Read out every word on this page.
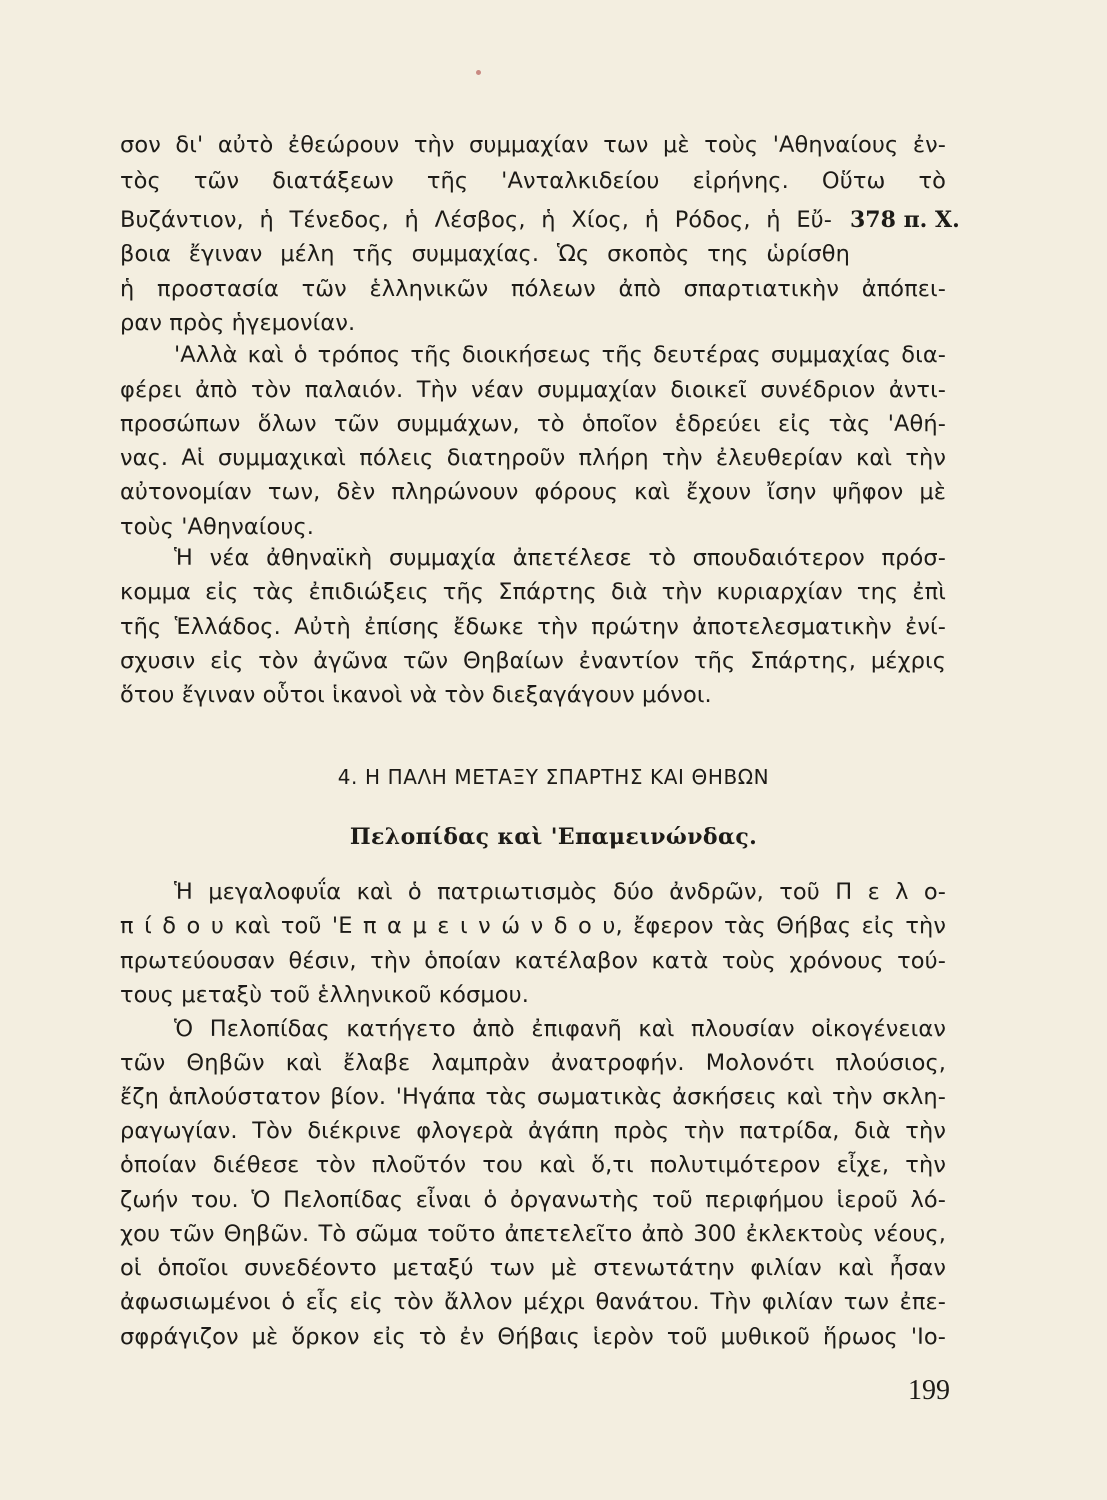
σον δι' αὐτὸ ἐθεώρουν τὴν συμμαχίαν των μὲ τοὺς 'Αθηναίους ἐν-
τὸς τῶν διατάξεων τῆς 'Ανταλκιδείου εἰρήνης. Οὕτω τὸ
Βυζάντιον, ἡ Τένεδος, ἡ Λέσβος, ἡ Χίος, ἡ Ρόδος, ἡ Εὔ- 378 π. Χ.
βοια ἔγιναν μέλη τῆς συμμαχίας. Ὡς σκοπὸς της ὡρίσθη
ἡ προστασία τῶν ἑλληνικῶν πόλεων ἀπὸ σπαρτιατικὴν ἀπόπει-
ραν πρὸς ἡγεμονίαν.
'Αλλὰ καὶ ὁ τρόπος τῆς διοικήσεως τῆς δευτέρας συμμαχίας δια-
φέρει ἀπὸ τὸν παλαιόν. Τὴν νέαν συμμαχίαν διοικεῖ συνέδριον ἀντι-
προσώπων ὅλων τῶν συμμάχων, τὸ ὁποῖον ἑδρεύει εἰς τὰς 'Αθή-
νας. Αἱ συμμαχικαὶ πόλεις διατηροῦν πλήρη τὴν ἐλευθερίαν καὶ τὴν
αὐτονομίαν των, δὲν πληρώνουν φόρους καὶ ἔχουν ἴσην ψῆφον μὲ
τοὺς 'Αθηναίους.
Ἡ νέα ἀθηναϊκὴ συμμαχία ἀπετέλεσε τὸ σπουδαιότερον πρόσ-
κομμα εἰς τὰς ἐπιδιώξεις τῆς Σπάρτης διὰ τὴν κυριαρχίαν της ἐπὶ
τῆς Ἑλλάδος. Αὐτὴ ἐπίσης ἔδωκε τὴν πρώτην ἀποτελεσματικὴν ἐνί-
σχυσιν εἰς τὸν ἀγῶνα τῶν Θηβαίων ἐναντίον τῆς Σπάρτης, μέχρις
ὅτου ἔγιναν οὗτοι ἱκανοὶ νὰ τὸν διεξαγάγουν μόνοι.
4. Η ΠΑΛΗ ΜΕΤΑΞΥ ΣΠΑΡΤΗΣ ΚΑΙ ΘΗΒΩΝ
Πελοπίδας καὶ 'Επαμεινώνδας.
Ἡ μεγαλοφυΐα καὶ ὁ πατριωτισμὸς δύο ἀνδρῶν, τοῦ Π ε λ ο-
π ί δ ο υ καὶ τοῦ 'Ε π α μ ε ι ν ώ ν δ ο υ, ἔφερον τὰς Θήβας εἰς τὴν
πρωτεύουσαν θέσιν, τὴν ὁποίαν κατέλαβον κατὰ τοὺς χρόνους τού-
τους μεταξὺ τοῦ ἑλληνικοῦ κόσμου.
Ὁ Πελοπίδας κατήγετο ἀπὸ ἐπιφανῆ καὶ πλουσίαν οἰκογένειαν
τῶν Θηβῶν καὶ ἔλαβε λαμπρὰν ἀνατροφήν. Μολονότι πλούσιος,
ἔζη ἁπλούστατον βίον. 'Ηγάπα τὰς σωματικὰς ἀσκήσεις καὶ τὴν σκλη-
ραγωγίαν. Τὸν διέκρινε φλογερὰ ἀγάπη πρὸς τὴν πατρίδα, διὰ τὴν
ὁποίαν διέθεσε τὸν πλοῦτόν του καὶ ὅ,τι πολυτιμότερον εἶχε, τὴν
ζωήν του. Ὁ Πελοπίδας εἶναι ὁ ὀργανωτὴς τοῦ περιφήμου ἱεροῦ λό-
χου τῶν Θηβῶν. Τὸ σῶμα τοῦτο ἀπετελεῖτο ἀπὸ 300 ἐκλεκτοὺς νέους,
οἱ ὁποῖοι συνεδέοντο μεταξύ των μὲ στενωτάτην φιλίαν καὶ ἦσαν
ἀφωσιωμένοι ὁ εἷς εἰς τὸν ἄλλον μέχρι θανάτου. Τὴν φιλίαν των ἐπε-
σφράγιζον μὲ ὅρκον εἰς τὸ ἐν Θήβαις ἱερὸν τοῦ μυθικοῦ ἥρωος 'Ιο-
199
